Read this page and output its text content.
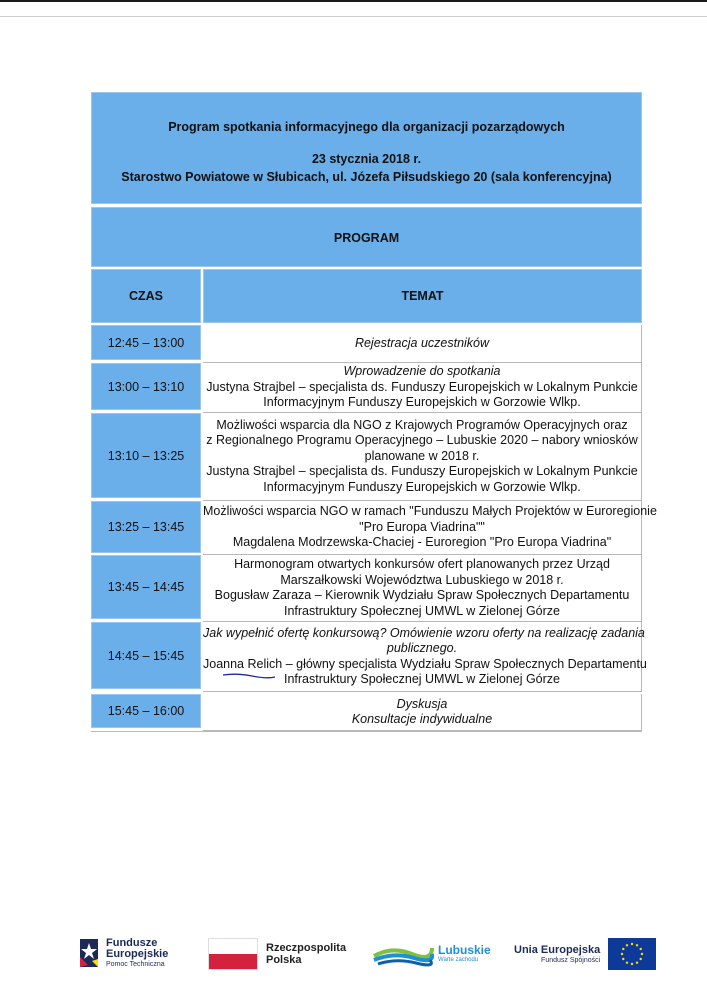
Program spotkania informacyjnego dla organizacji pozarządowych
23 stycznia 2018 r.
Starostwo Powiatowe w Słubicach, ul. Józefa Piłsudskiego 20 (sala konferencyjna)
PROGRAM
CZAS	TEMAT
12:45 – 13:00	Rejestracja uczestników
13:00 – 13:10
Wprowadzenie do spotkania
Justyna Strajbel – specjalista ds. Funduszy Europejskich w Lokalnym Punkcie
Informacyjnym Funduszy Europejskich w Gorzowie Wlkp.
13:10 – 13:25
Możliwości wsparcia dla NGO z Krajowych Programów Operacyjnych oraz
z Regionalnego Programu Operacyjnego – Lubuskie 2020 – nabory wniosków
planowane w 2018 r.
Justyna Strajbel – specjalista ds. Funduszy Europejskich w Lokalnym Punkcie
Informacyjnym Funduszy Europejskich w Gorzowie Wlkp.
13:25 – 13:45
Możliwości wsparcia NGO w ramach "Funduszu Małych Projektów w Euroregionie
"Pro Europa Viadrina""
Magdalena Modrzewska-Chaciej - Euroregion "Pro Europa Viadrina"
13:45 – 14:45
Harmonogram otwartych konkursów ofert planowanych przez Urząd
Marszałkowski Województwa Lubuskiego w 2018 r.
Bogusław Zaraza – Kierownik Wydziału Spraw Społecznych Departamentu
Infrastruktury Społecznej UMWL w Zielonej Górze
14:45 – 15:45
Jak wypełnić ofertę konkursową? Omówienie wzoru oferty na realizację zadania
publicznego.
Joanna Relich – główny specjalista Wydziału Spraw Społecznych Departamentu
Infrastruktury Społecznej UMWL w Zielonej Górze
15:45 – 16:00
Dyskusja
Konsultacje indywidualne
Fundusze
Europejskie
Pomoc Techniczna
Rzeczpospolita
Polska
Lubuskie
Warte zachodu
Unia Europejska
Fundusz Spójności
